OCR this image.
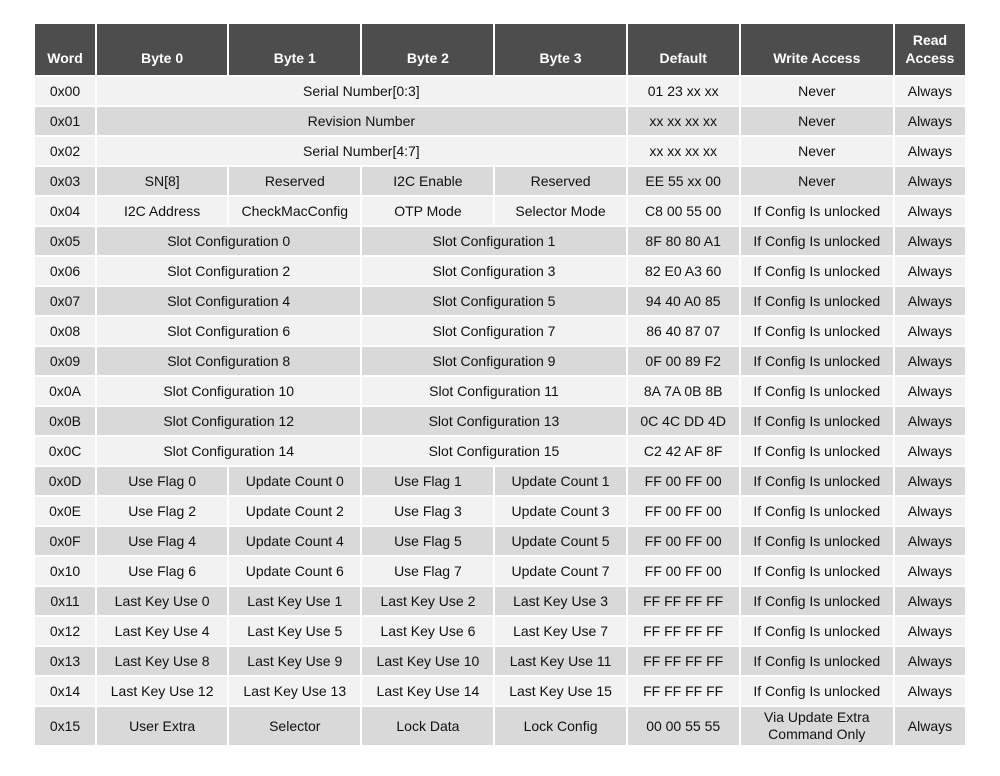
Word	Byte 0	Byte 1	Byte 2	Byte 3	Default	Write Access	Read Access
0x00	Serial Number[0:3]				01 23 xx xx	Never	Always
0x01	Revision Number				xx xx xx xx	Never	Always
0x02	Serial Number[4:7]				xx xx xx xx	Never	Always
0x03	SN[8]	Reserved	I2C Enable	Reserved	EE 55 xx 00	Never	Always
0x04	I2C Address	CheckMacConfig	OTP Mode	Selector Mode	C8 00 55 00	If Config Is unlocked	Always
0x05	Slot Configuration 0		Slot Configuration 1		8F 80 80 A1	If Config Is unlocked	Always
0x06	Slot Configuration 2		Slot Configuration 3		82 E0 A3 60	If Config Is unlocked	Always
0x07	Slot Configuration 4		Slot Configuration 5		94 40 A0 85	If Config Is unlocked	Always
0x08	Slot Configuration 6		Slot Configuration 7		86 40 87 07	If Config Is unlocked	Always
0x09	Slot Configuration 8		Slot Configuration 9		0F 00 89 F2	If Config Is unlocked	Always
0x0A	Slot Configuration 10		Slot Configuration 11		8A 7A 0B 8B	If Config Is unlocked	Always
0x0B	Slot Configuration 12		Slot Configuration 13		0C 4C DD 4D	If Config Is unlocked	Always
0x0C	Slot Configuration 14		Slot Configuration 15		C2 42 AF 8F	If Config Is unlocked	Always
0x0D	Use Flag 0	Update Count 0	Use Flag 1	Update Count 1	FF 00 FF 00	If Config Is unlocked	Always
0x0E	Use Flag 2	Update Count 2	Use Flag 3	Update Count 3	FF 00 FF 00	If Config Is unlocked	Always
0x0F	Use Flag 4	Update Count 4	Use Flag 5	Update Count 5	FF 00 FF 00	If Config Is unlocked	Always
0x10	Use Flag 6	Update Count 6	Use Flag 7	Update Count 7	FF 00 FF 00	If Config Is unlocked	Always
0x11	Last Key Use 0	Last Key Use 1	Last Key Use 2	Last Key Use 3	FF FF FF FF	If Config Is unlocked	Always
0x12	Last Key Use 4	Last Key Use 5	Last Key Use 6	Last Key Use 7	FF FF FF FF	If Config Is unlocked	Always
0x13	Last Key Use 8	Last Key Use 9	Last Key Use 10	Last Key Use 11	FF FF FF FF	If Config Is unlocked	Always
0x14	Last Key Use 12	Last Key Use 13	Last Key Use 14	Last Key Use 15	FF FF FF FF	If Config Is unlocked	Always
0x15	User Extra	Selector	Lock Data	Lock Config	00 00 55 55	Via Update Extra Command Only	Always
